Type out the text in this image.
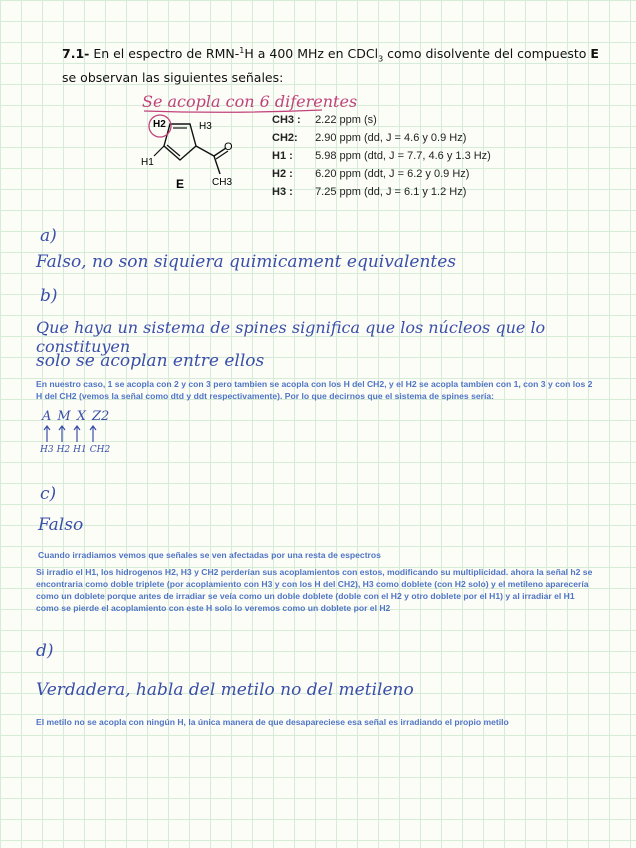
7.1- En el espectro de RMN-$^1$H a 400 MHz en CDCl$_3$ como disolvente del compuesto E se observan las siguientes señales:
Se acopla con 6 diferentes
H2	H3
H1
O
CH3
E
CH3 : 2.22 ppm (s)
CH2: 2.90 ppm (dd, J = 4.6 y 0.9 Hz)
H1 : 5.98 ppm (dtd, J = 7.7, 4.6 y 1.3 Hz)
H2 : 6.20 ppm (ddt, J = 6.2 y 0.9 Hz)
H3 : 7.25 ppm (dd, J = 6.1 y 1.2 Hz)
a)
Falso, no son siquiera quimicament equivalentes
b)
Que haya un sistema de spines significa que los núcleos que lo constituyen
solo se acoplan entre ellos
En nuestro caso, 1 se acopla con 2 y con 3 pero tambien se acopla con los H del CH2, y el H2 se acopla tambien con 1, con 3 y con los 2 H del CH2 (vemos la señal como dtd y ddt respectivamente). Por lo que decirnos que el sistema de spines sería:
A M X Z2
H3 H2 H1 CH2
c)
Falso
Cuando irradiamos vemos que señales se ven afectadas por una resta de espectros
Si irradio el H1, los hidrogenos H2, H3 y CH2 perderían sus acoplamientos con estos, modificando su multiplicidad. ahora la señal h2 se encontraria como doble triplete (por acoplamiento con H3 y con los H del CH2), H3 como doblete (con H2 solo) y el metileno aparecería como un doblete porque antes de irradiar se veía como un doble doblete (doble con el H2 y otro doblete por el H1) y al irradiar el H1 como se pierde el acoplamiento con este H solo lo veremos como un doblete por el H2
d)
Verdadera, habla del metilo no del metileno
El metilo no se acopla con ningún H, la única manera de que desapareciese esa señal es irradiando el propio metilo
